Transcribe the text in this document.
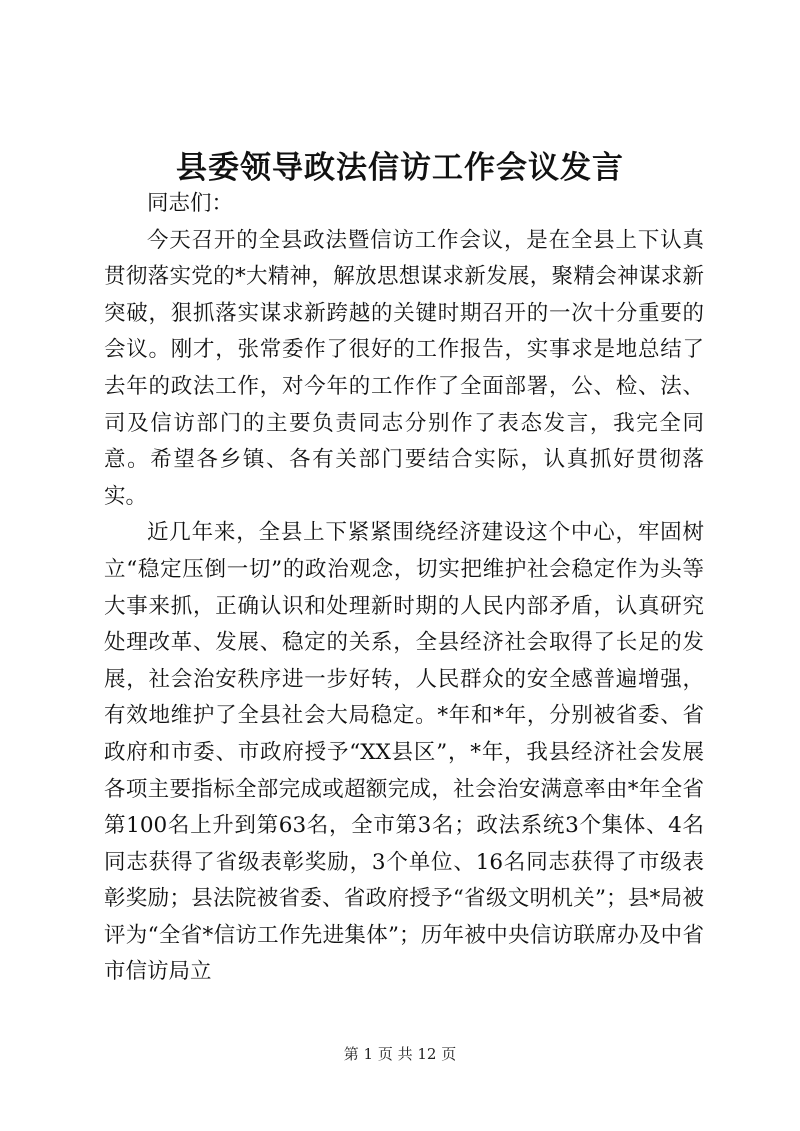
县委领导政法信访工作会议发言

同志们：

今天召开的全县政法暨信访工作会议，是在全县上下认真贯彻落实党的*大精神，解放思想谋求新发展，聚精会神谋求新突破，狠抓落实谋求新跨越的关键时期召开的一次十分重要的会议。刚才，张常委作了很好的工作报告，实事求是地总结了去年的政法工作，对今年的工作作了全面部署，公、检、法、司及信访部门的主要负责同志分别作了表态发言，我完全同意。希望各乡镇、各有关部门要结合实际，认真抓好贯彻落实。

近几年来，全县上下紧紧围绕经济建设这个中心，牢固树立“稳定压倒一切”的政治观念，切实把维护社会稳定作为头等大事来抓，正确认识和处理新时期的人民内部矛盾，认真研究处理改革、发展、稳定的关系，全县经济社会取得了长足的发展，社会治安秩序进一步好转，人民群众的安全感普遍增强，有效地维护了全县社会大局稳定。*年和*年，分别被省委、省政府和市委、市政府授予“XX县区”，*年，我县经济社会发展各项主要指标全部完成或超额完成，社会治安满意率由*年全省第100名上升到第63名，全市第3名；政法系统3个集体、4名同志获得了省级表彰奖励，3个单位、16名同志获得了市级表彰奖励；县法院被省委、省政府授予“省级文明机关”；县*局被评为“全省*信访工作先进集体”；历年被中央信访联席办及中省市信访局立

第 1 页 共 12 页
